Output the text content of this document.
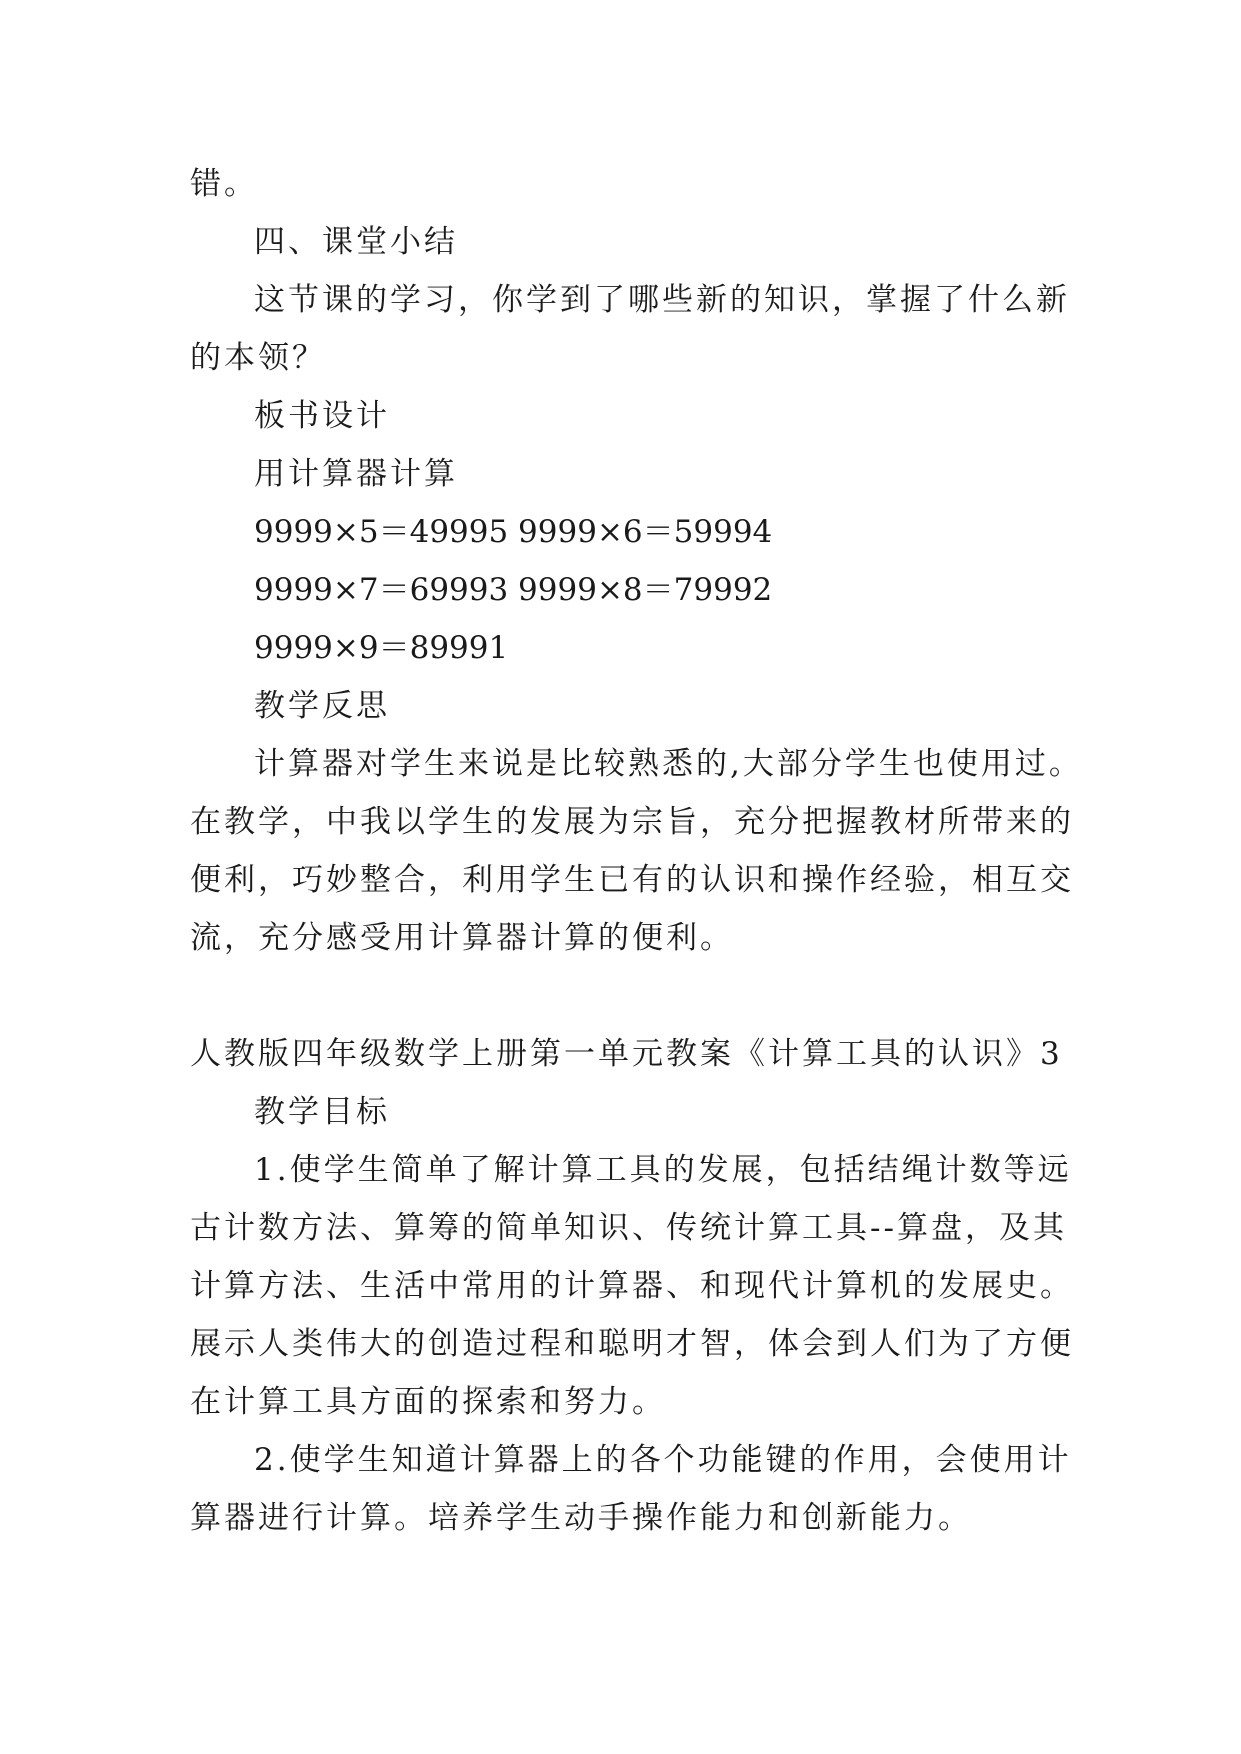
错。
四、课堂小结
这节课的学习，你学到了哪些新的知识，掌握了什么新
的本领？
板书设计
用计算器计算
9999×5＝49995 9999×6＝59994
9999×7＝69993 9999×8＝79992
9999×9＝89991
教学反思
计算器对学生来说是比较熟悉的,大部分学生也使用过。
在教学，中我以学生的发展为宗旨，充分把握教材所带来的
便利，巧妙整合，利用学生已有的认识和操作经验，相互交
流，充分感受用计算器计算的便利。
人教版四年级数学上册第一单元教案《计算工具的认识》3
教学目标
1.使学生简单了解计算工具的发展，包括结绳计数等远
古计数方法、算筹的简单知识、传统计算工具--算盘，及其
计算方法、生活中常用的计算器、和现代计算机的发展史。
展示人类伟大的创造过程和聪明才智，体会到人们为了方便
在计算工具方面的探索和努力。
2.使学生知道计算器上的各个功能键的作用，会使用计
算器进行计算。培养学生动手操作能力和创新能力。
